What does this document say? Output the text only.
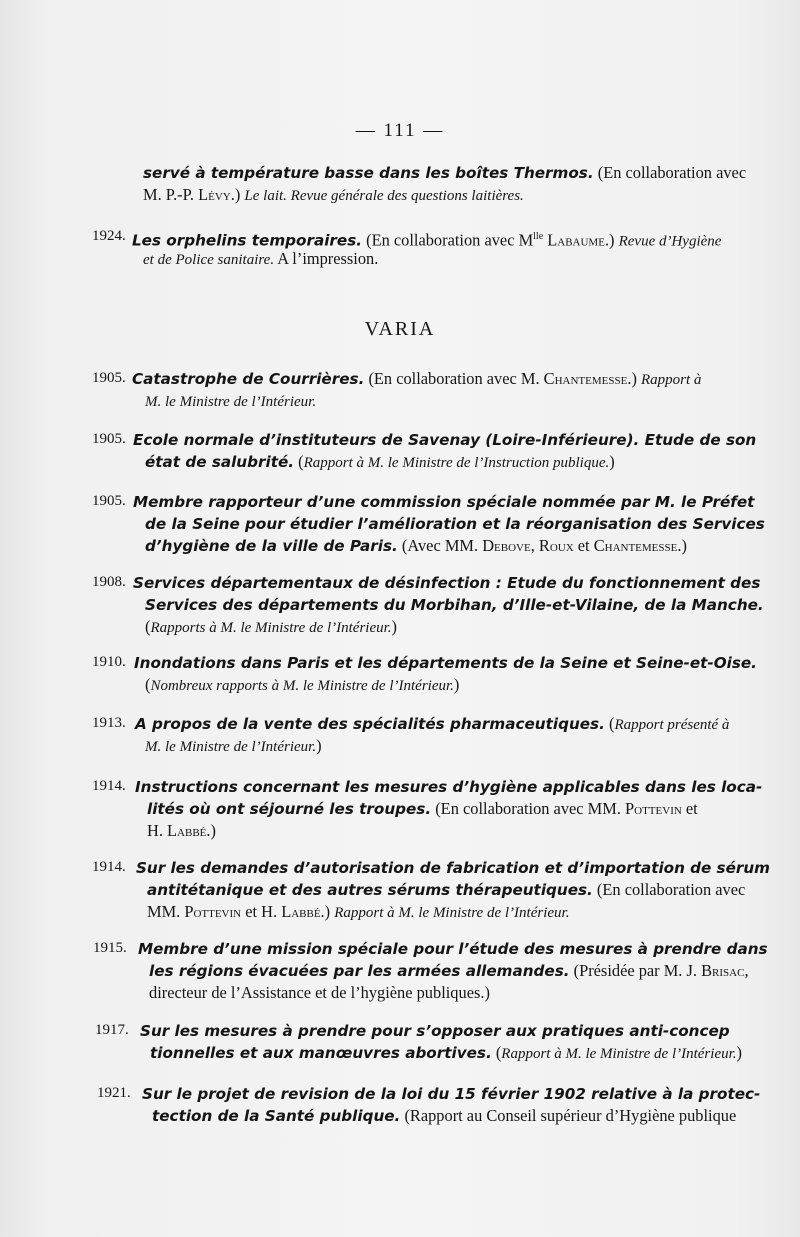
— 111 —
servé à température basse dans les boîtes Thermos. (En collaboration avec
M. P.-P. Lévy.) Le lait. Revue générale des questions laitières.
1924. Les orphelins temporaires. (En collaboration avec $M^{lle}$ Labaume.) Revue d’Hygiène
et de Police sanitaire. A l’impression.
VARIA
1905. Catastrophe de Courrières. (En collaboration avec M. Chantemesse.) Rapport à
M. le Ministre de l’Intérieur.
1905. Ecole normale d’instituteurs de Savenay (Loire-Inférieure). Etude de son
état de salubrité. (Rapport à M. le Ministre de l’Instruction publique.)
1905. Membre rapporteur d’une commission spéciale nommée par M. le Préfet
de la Seine pour étudier l’amélioration et la réorganisation des Services
d’hygiène de la ville de Paris. (Avec MM. Debove, Roux et Chantemesse.)
1908. Services départementaux de désinfection : Etude du fonctionnement des
Services des départements du Morbihan, d’Ille-et-Vilaine, de la Manche.
(Rapports à M. le Ministre de l’Intérieur.)
1910. Inondations dans Paris et les départements de la Seine et Seine-et-Oise.
(Nombreux rapports à M. le Ministre de l’Intérieur.)
1913. A propos de la vente des spécialités pharmaceutiques. (Rapport présenté à
M. le Ministre de l’Intérieur.)
1914. Instructions concernant les mesures d’hygiène applicables dans les loca-
lités où ont séjourné les troupes. (En collaboration avec MM. Pottevin et
H. Labbé.)
1914. Sur les demandes d’autorisation de fabrication et d’importation de sérum
antitétanique et des autres sérums thérapeutiques. (En collaboration avec
MM. Pottevin et H. Labbé.) Rapport à M. le Ministre de l’Intérieur.
1915. Membre d’une mission spéciale pour l’étude des mesures à prendre dans
les régions évacuées par les armées allemandes. (Présidée par M. J. Brisac,
directeur de l’Assistance et de l’hygiène publiques.)
1917. Sur les mesures à prendre pour s’opposer aux pratiques anti-concep
tionnelles et aux manœuvres abortives. (Rapport à M. le Ministre de l’Intérieur.)
1921. Sur le projet de revision de la loi du 15 février 1902 relative à la protec-
tection de la Santé publique. (Rapport au Conseil supérieur d’Hygiène publique
